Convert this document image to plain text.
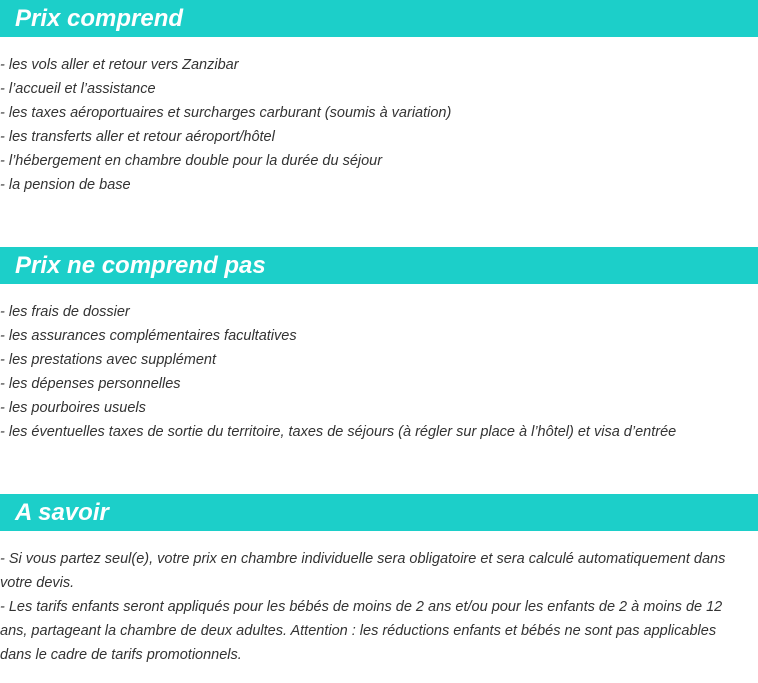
Prix comprend
- les vols aller et retour vers Zanzibar
- l’accueil et l’assistance
- les taxes aéroportuaires et surcharges carburant (soumis à variation)
- les transferts aller et retour aéroport/hôtel
- l’hébergement en chambre double pour la durée du séjour
- la pension de base
Prix ne comprend pas
- les frais de dossier
- les assurances complémentaires facultatives
- les prestations avec supplément
- les dépenses personnelles
- les pourboires usuels
- les éventuelles taxes de sortie du territoire, taxes de séjours (à régler sur place à l’hôtel) et visa d’entrée
A savoir

- Si vous partez seul(e), votre prix en chambre individuelle sera obligatoire et sera calculé automatiquement dans votre devis.

- Les tarifs enfants seront appliqués pour les bébés de moins de 2 ans et/ou pour les enfants de 2 à moins de 12 ans, partageant la chambre de deux adultes. Attention : les réductions enfants et bébés ne sont pas applicables dans le cadre de tarifs promotionnels.
